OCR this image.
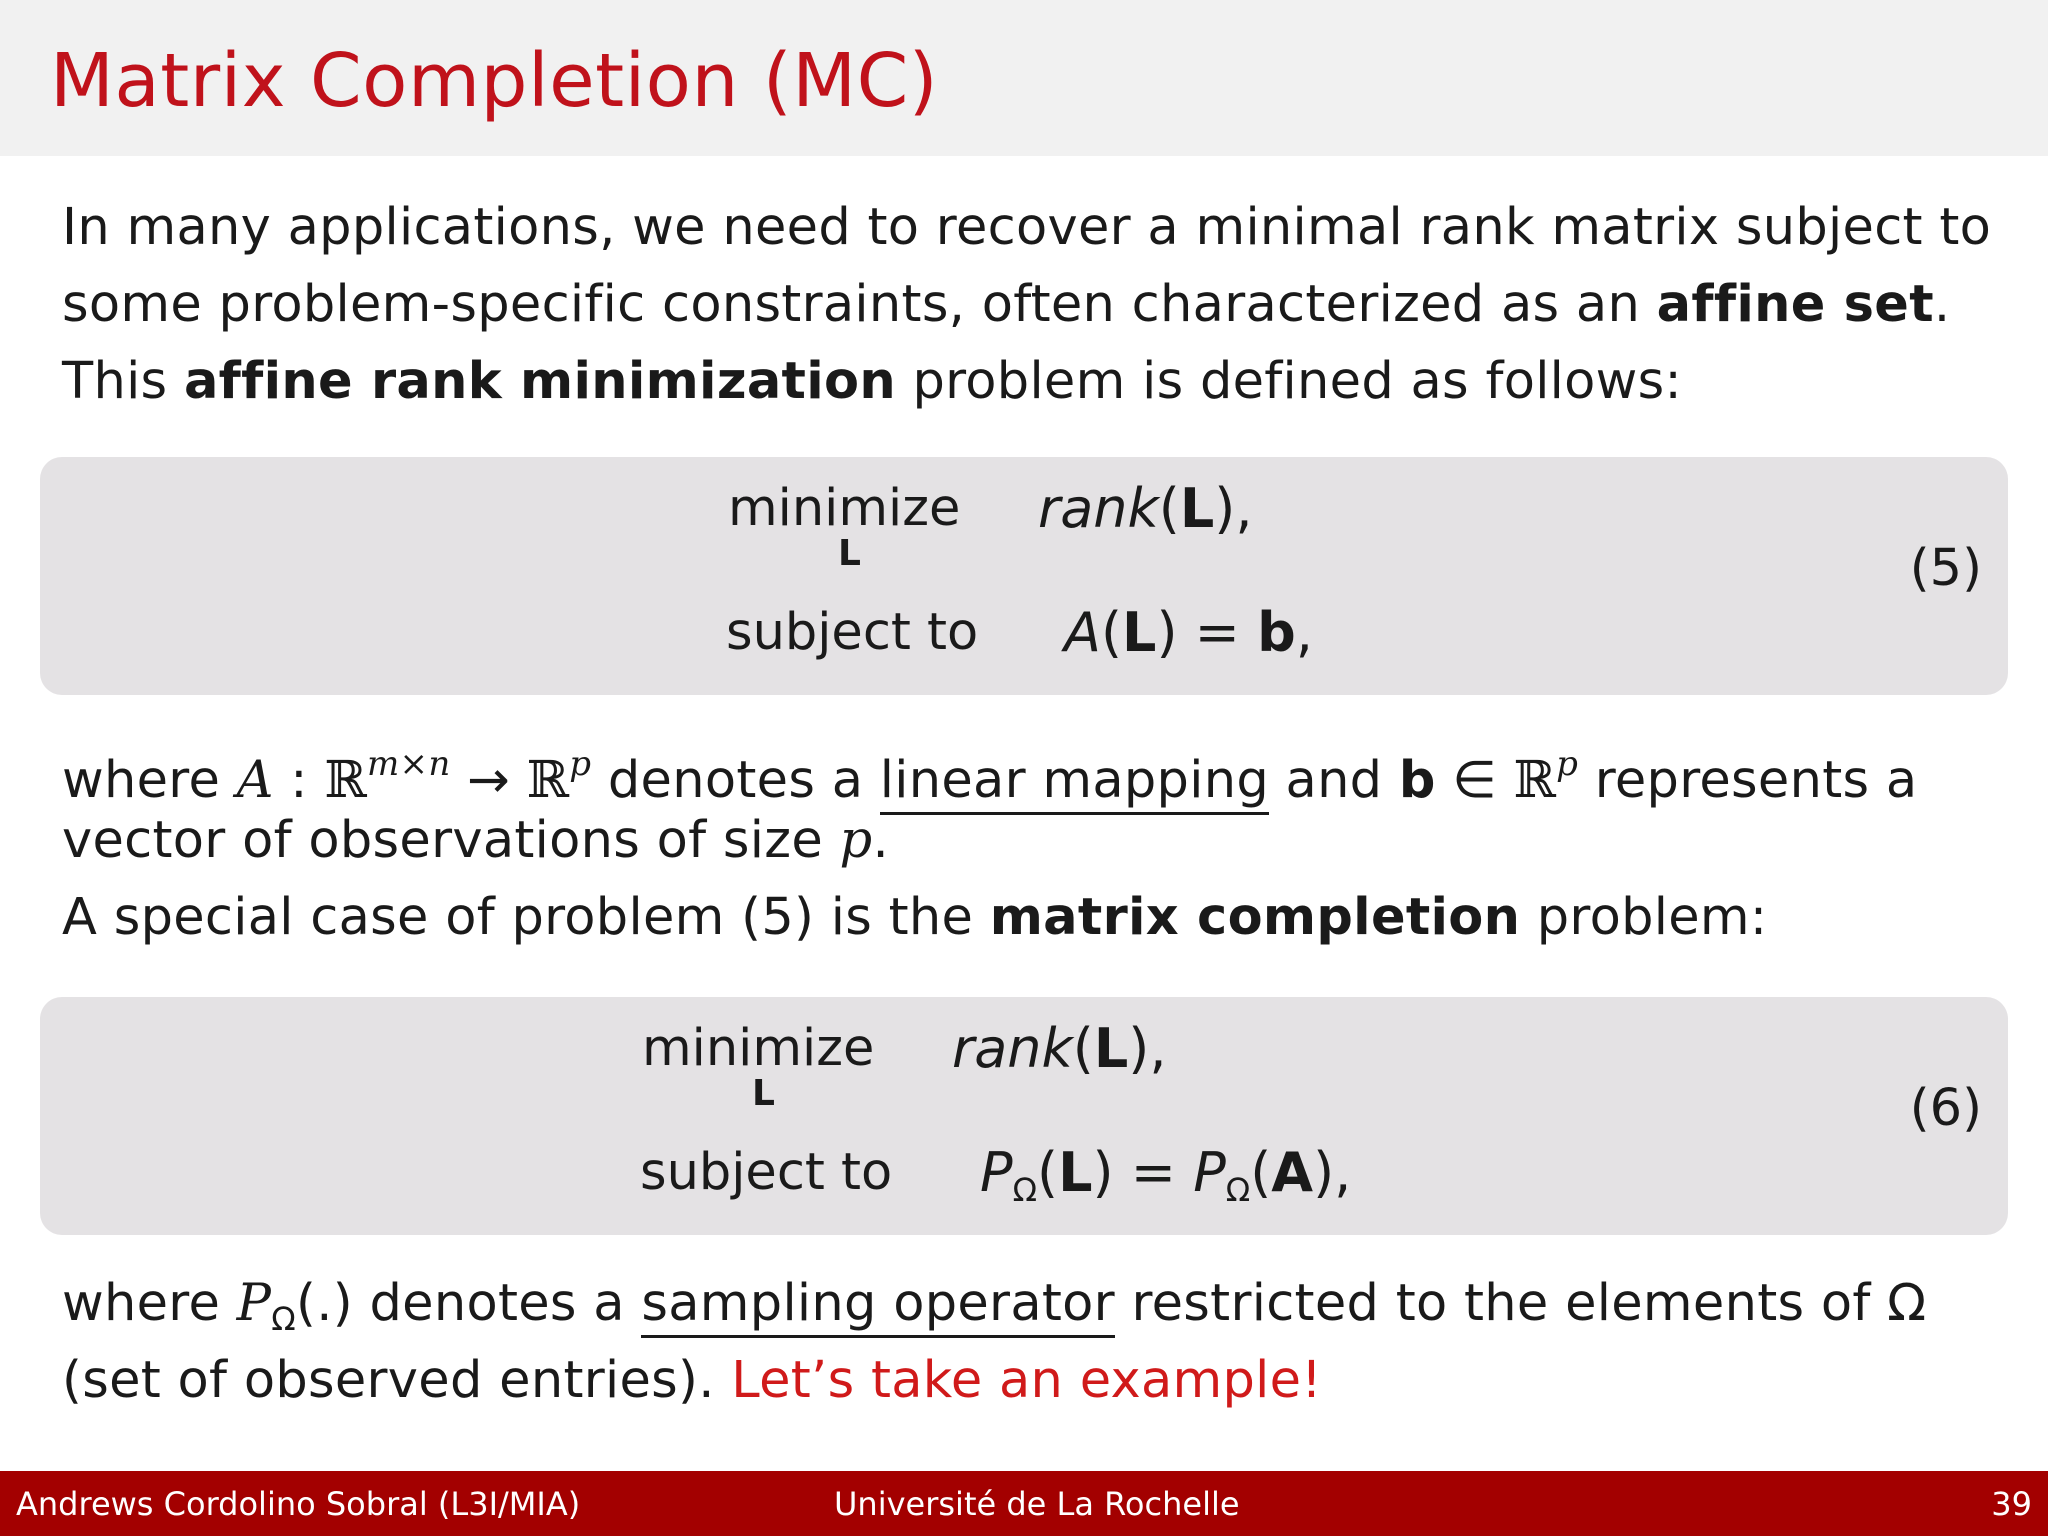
Matrix Completion (MC)
In many applications, we need to recover a minimal rank matrix subject to
some problem-specific constraints, often characterized as an affine set.
This affine rank minimization problem is defined as follows:
minimize
L
rank(L),
subject to A(L) = b,
(5)
where A : ℝ$^{m\times n}$ → ℝ$^p$ denotes a linear mapping and b ∈ ℝ$^p$ represents a
vector of observations of size p.
A special case of problem (5) is the matrix completion problem:
minimize
L
rank(L),
subject to $P_\Omega(L) = P_\Omega(A)$,
(6)
where $P_\Omega(.)$ denotes a sampling operator restricted to the elements of Ω
(set of observed entries). Let’s take an example!
Andrews Cordolino Sobral (L3I/MIA)	Université de La Rochelle	39
